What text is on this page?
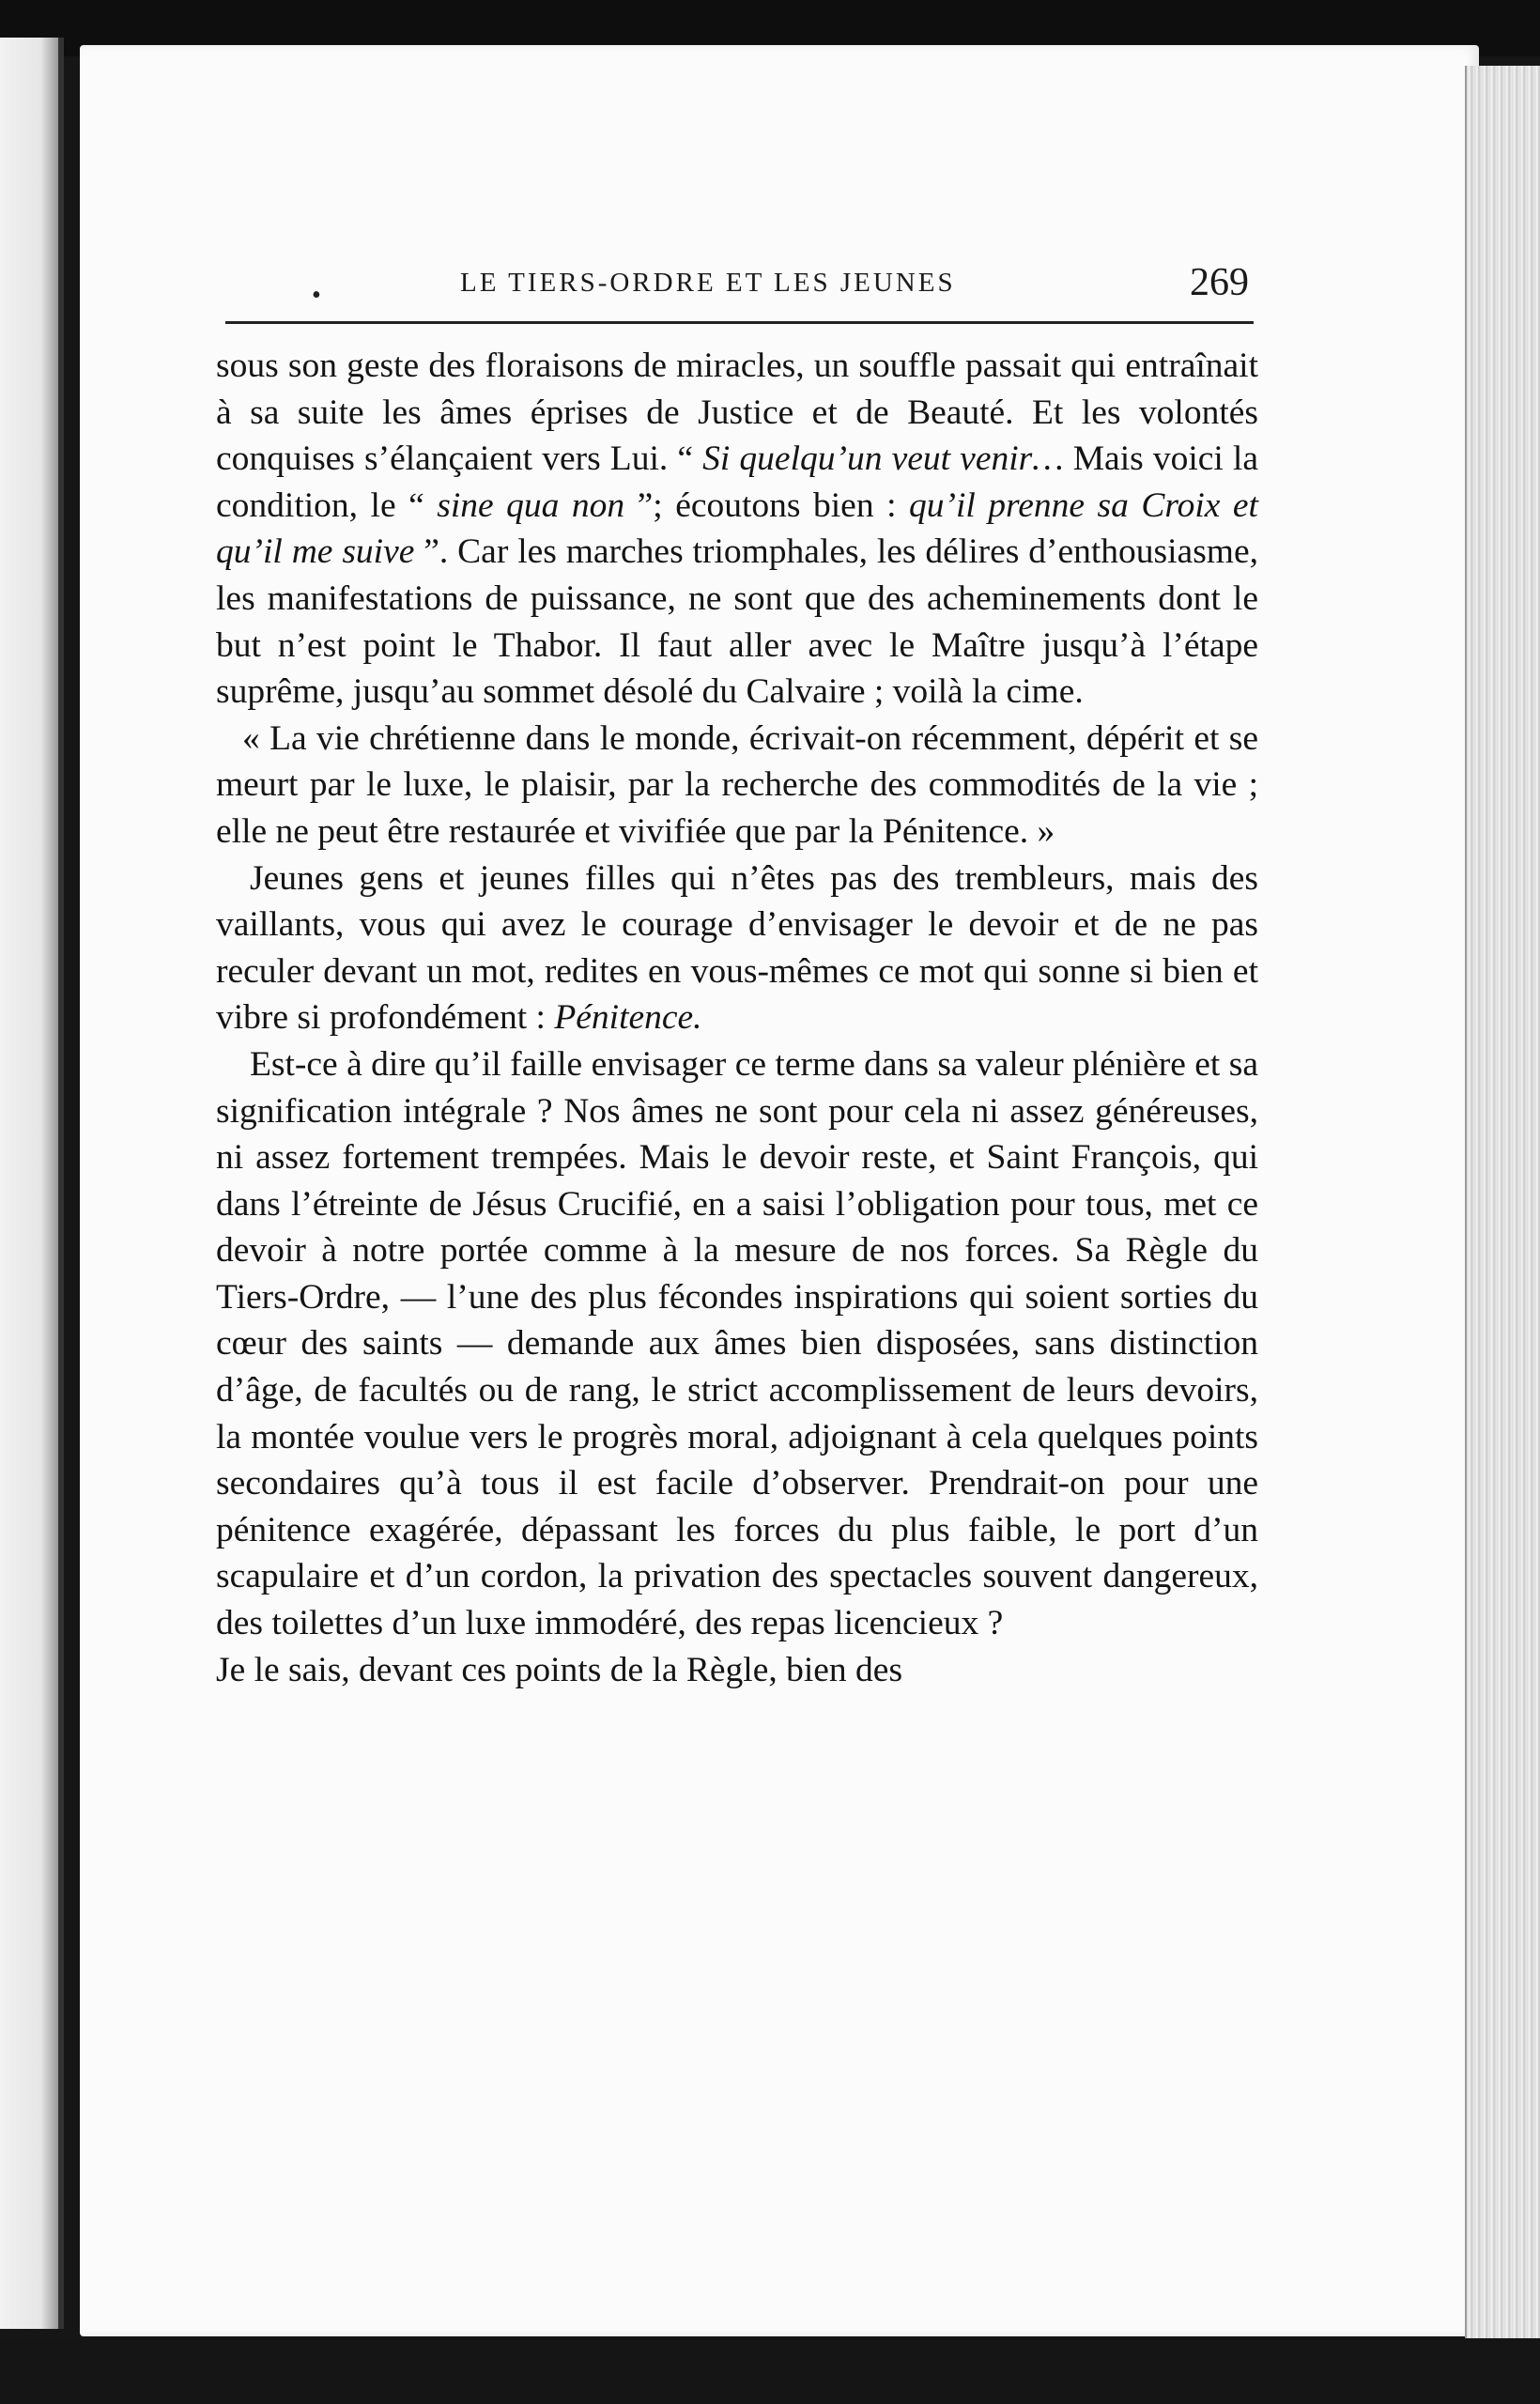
•	LE TIERS-ORDRE ET LES JEUNES	269

sous son geste des floraisons de miracles, un souffle passait qui entraînait à sa suite les âmes éprises de Justice et de Beauté. Et les volontés conquises s’élançaient vers Lui. “ Si quelqu’un veut venir… Mais voici la condition, le “ sine qua non ”; écoutons bien : qu’il prenne sa Croix et qu’il me suive ”. Car les marches triomphales, les délires d’enthousiasme, les manifestations de puissance, ne sont que des acheminements dont le but n’est point le Thabor. Il faut aller avec le Maître jusqu’à l’étape suprême, jusqu’au sommet désolé du Calvaire ; voilà la cime.

« La vie chrétienne dans le monde, écrivait-on récemment, dépérit et se meurt par le luxe, le plaisir, par la recherche des commodités de la vie ; elle ne peut être restaurée et vivifiée que par la Pénitence. »

Jeunes gens et jeunes filles qui n’êtes pas des trembleurs, mais des vaillants, vous qui avez le courage d’envisager le devoir et de ne pas reculer devant un mot, redites en vous-mêmes ce mot qui sonne si bien et vibre si profondément : Pénitence.

Est-ce à dire qu’il faille envisager ce terme dans sa valeur plénière et sa signification intégrale ? Nos âmes ne sont pour cela ni assez généreuses, ni assez fortement trempées. Mais le devoir reste, et Saint François, qui dans l’étreinte de Jésus Crucifié, en a saisi l’obligation pour tous, met ce devoir à notre portée comme à la mesure de nos forces. Sa Règle du Tiers-Ordre, — l’une des plus fécondes inspirations qui soient sorties du cœur des saints — demande aux âmes bien disposées, sans distinction d’âge, de facultés ou de rang, le strict accomplissement de leurs devoirs, la montée voulue vers le progrès moral, adjoignant à cela quelques points secondaires qu’à tous il est facile d’observer. Prendrait-on pour une pénitence exagérée, dépassant les forces du plus faible, le port d’un scapulaire et d’un cordon, la privation des spectacles souvent dangereux, des toilettes d’un luxe immodéré, des repas licencieux ?

Je le sais, devant ces points de la Règle, bien des
